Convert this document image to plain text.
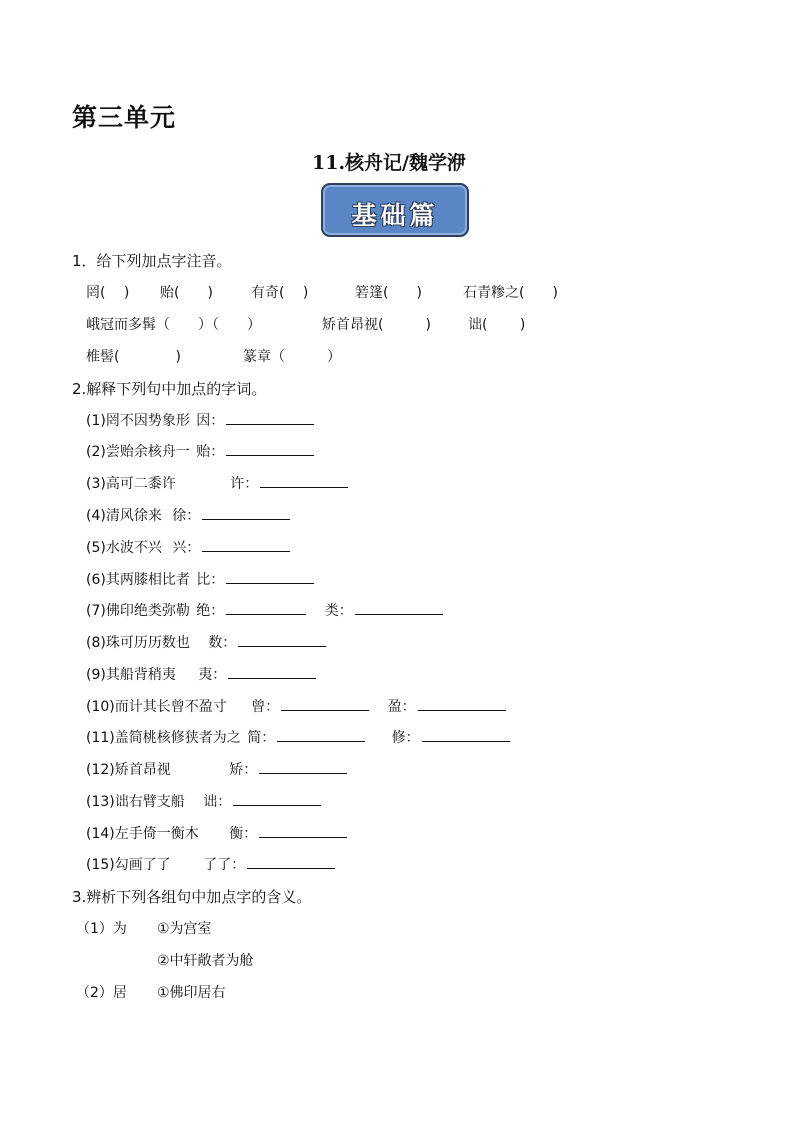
第三单元
11.核舟记/魏学洢
基础篇
1．给下列加点字注音。
罔(　 ) 贻(　　)	有奇(　 )	箬篷(　　)	石青糁之(　　)
峨冠而多髯（　　）（　　）	矫首昂视(　　　)	诎(　　 )
椎髻(　　　　)	篆章（　　　）
2.解释下列句中加点的字词。
(1)罔不因势象形 因：
(2)尝贻余核舟一 贻：
(3)高可二黍许	许：
(4)清风徐来 徐：
(5)水波不兴 兴：
(6)其两膝相比者 比：
(7)佛印绝类弥勒 绝：	类：
(8)珠可历历数也 数：
(9)其船背稍夷 夷：
(10)而计其长曾不盈寸 曾：	盈：
(11)盖简桃核修狭者为之 简：	修：
(12)矫首昂视	矫：
(13)诎右臂支船 诎：
(14)左手倚一衡木 衡：
(15)勾画了了 了了：
3.辨析下列各组句中加点字的含义。
（1）为 ①为宫室
②中轩敞者为舱
（2）居 ①佛印居右
